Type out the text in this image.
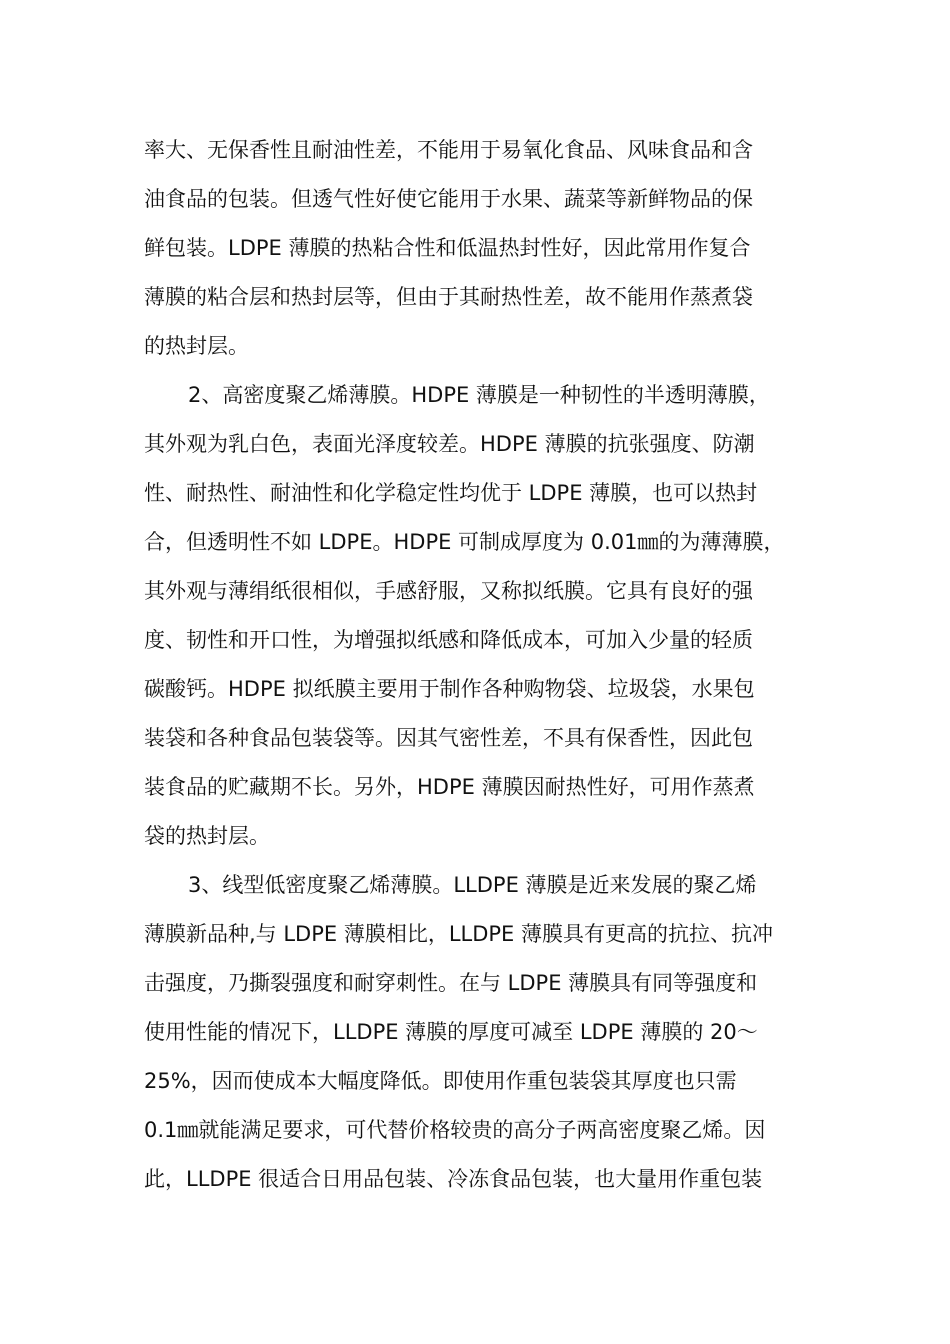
率大、无保香性且耐油性差，不能用于易氧化食品、风味食品和含
油食品的包装。但透气性好使它能用于水果、蔬菜等新鲜物品的保
鲜包装。LDPE 薄膜的热粘合性和低温热封性好，因此常用作复合
薄膜的粘合层和热封层等，但由于其耐热性差，故不能用作蒸煮袋
的热封层。
2、高密度聚乙烯薄膜。HDPE 薄膜是一种韧性的半透明薄膜，
其外观为乳白色，表面光泽度较差。HDPE 薄膜的抗张强度、防潮
性、耐热性、耐油性和化学稳定性均优于 LDPE 薄膜，也可以热封
合，但透明性不如 LDPE。HDPE 可制成厚度为 0.01㎜的为薄薄膜，
其外观与薄绢纸很相似，手感舒服，又称拟纸膜。它具有良好的强
度、韧性和开口性，为增强拟纸感和降低成本，可加入少量的轻质
碳酸钙。HDPE 拟纸膜主要用于制作各种购物袋、垃圾袋，水果包
装袋和各种食品包装袋等。因其气密性差，不具有保香性，因此包
装食品的贮藏期不长。另外，HDPE 薄膜因耐热性好，可用作蒸煮
袋的热封层。
3、线型低密度聚乙烯薄膜。LLDPE 薄膜是近来发展的聚乙烯
薄膜新品种,与 LDPE 薄膜相比，LLDPE 薄膜具有更高的抗拉、抗冲
击强度，乃撕裂强度和耐穿刺性。在与 LDPE 薄膜具有同等强度和
使用性能的情况下，LLDPE 薄膜的厚度可减至 LDPE 薄膜的 20～
25%，因而使成本大幅度降低。即使用作重包装袋其厚度也只需
0.1㎜就能满足要求，可代替价格较贵的高分子两高密度聚乙烯。因
此，LLDPE 很适合日用品包装、冷冻食品包装，也大量用作重包装
